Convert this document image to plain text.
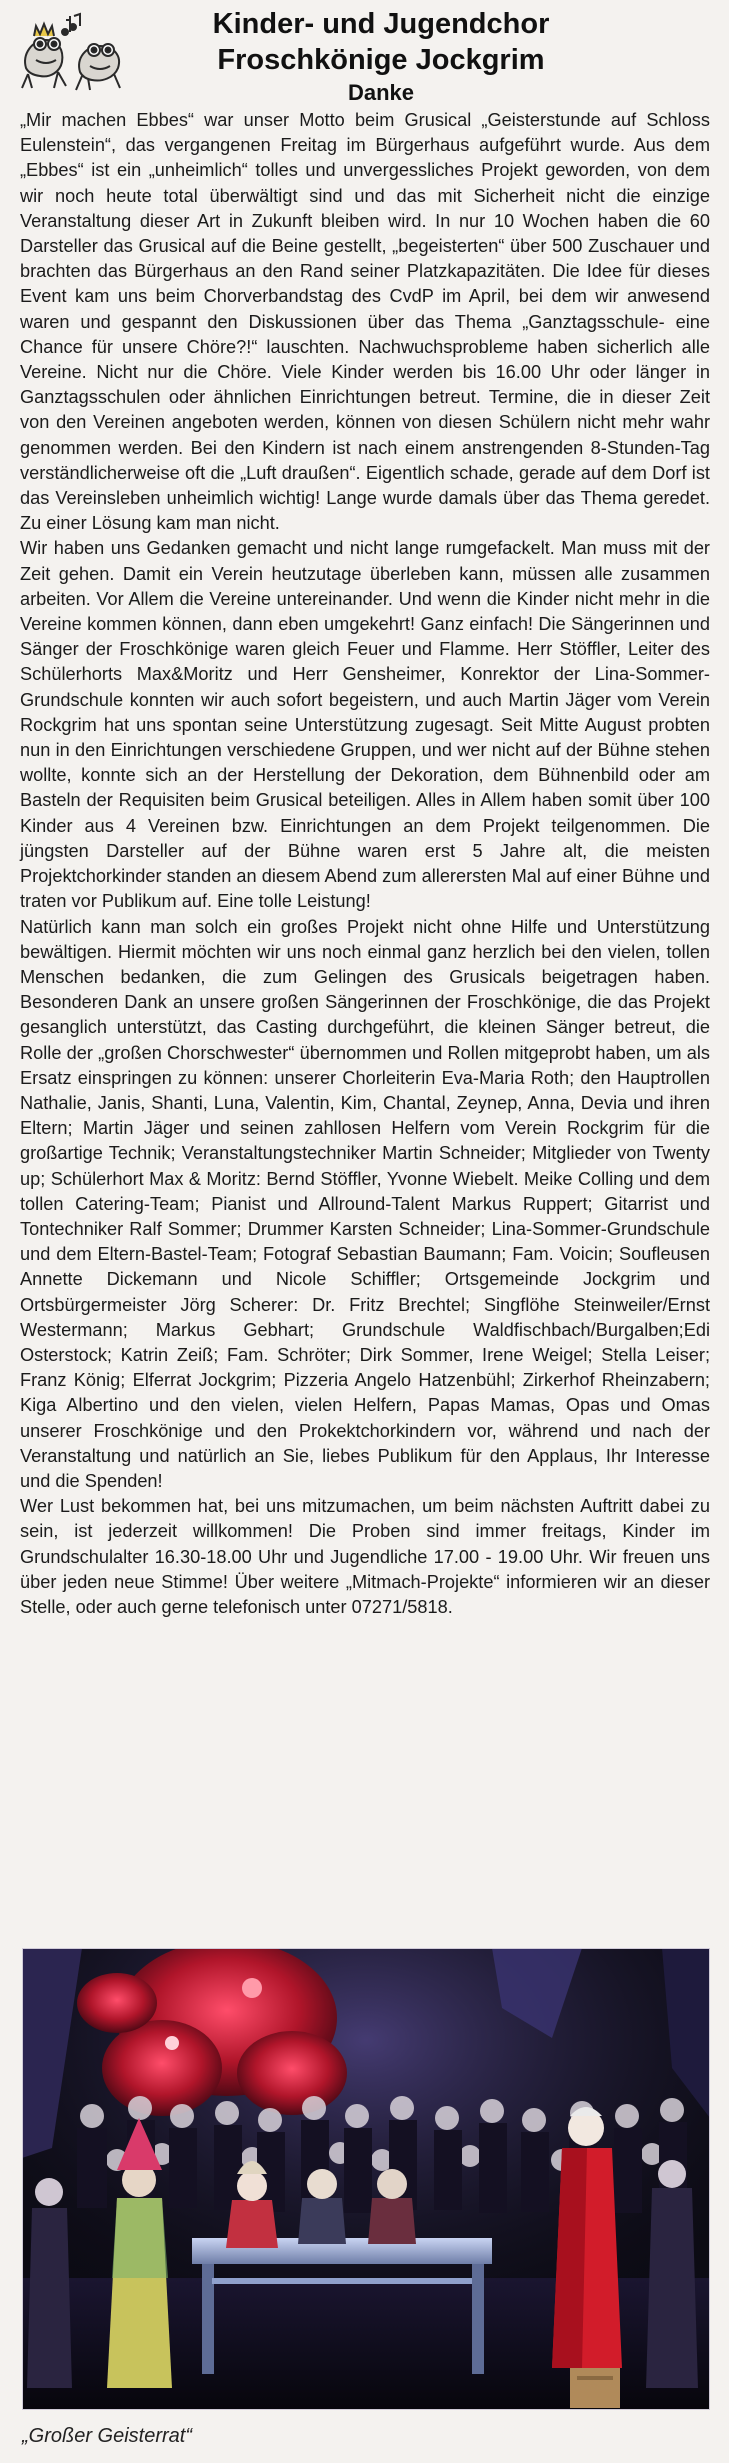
Kinder- und Jugendchor
Froschkönige Jockgrim
Danke

„Mir machen Ebbes“ war unser Motto beim Grusical „Geisterstunde auf Schloss Eulenstein“, das vergangenen Freitag im Bürgerhaus aufgeführt wurde. Aus dem „Ebbes“ ist ein „unheimlich“ tolles und unvergessliches Projekt geworden, von dem wir noch heute total überwältigt sind und das mit Sicherheit nicht die einzige Veranstaltung dieser Art in Zukunft bleiben wird. In nur 10 Wochen haben die 60 Darsteller das Grusical auf die Beine gestellt, „begeisterten“ über 500 Zuschauer und brachten das Bürgerhaus an den Rand seiner Platzkapazitäten. Die Idee für dieses Event kam uns beim Chorverbandstag des CvdP im April, bei dem wir anwesend waren und gespannt den Diskussionen über das Thema „Ganztagsschule- eine Chance für unsere Chöre?!“ lauschten. Nachwuchsprobleme haben sicherlich alle Vereine. Nicht nur die Chöre. Viele Kinder werden bis 16.00 Uhr oder länger in Ganztagsschulen oder ähnlichen Einrichtungen betreut. Termine, die in dieser Zeit von den Vereinen angeboten werden, können von diesen Schülern nicht mehr wahr genommen werden. Bei den Kindern ist nach einem anstrengenden 8-Stunden-Tag verständlicherweise oft die „Luft draußen“. Eigentlich schade, gerade auf dem Dorf ist das Vereinsleben unheimlich wichtig! Lange wurde damals über das Thema geredet. Zu einer Lösung kam man nicht.

Wir haben uns Gedanken gemacht und nicht lange rumgefackelt. Man muss mit der Zeit gehen. Damit ein Verein heutzutage überleben kann, müssen alle zusammen arbeiten. Vor Allem die Vereine untereinander. Und wenn die Kinder nicht mehr in die Vereine kommen können, dann eben umgekehrt! Ganz einfach! Die Sängerinnen und Sänger der Froschkönige waren gleich Feuer und Flamme. Herr Stöffler, Leiter des Schülerhorts Max&Moritz und Herr Gensheimer, Konrektor der Lina-Sommer-Grundschule konnten wir auch sofort begeistern, und auch Martin Jäger vom Verein Rockgrim hat uns spontan seine Unterstützung zugesagt. Seit Mitte August probten nun in den Einrichtungen verschiedene Gruppen, und wer nicht auf der Bühne stehen wollte, konnte sich an der Herstellung der Dekoration, dem Bühnenbild oder am Basteln der Requisiten beim Grusical beteiligen. Alles in Allem haben somit über 100 Kinder aus 4 Vereinen bzw. Einrichtungen an dem Projekt teilgenommen. Die jüngsten Darsteller auf der Bühne waren erst 5 Jahre alt, die meisten Projektchorkinder standen an diesem Abend zum allerersten Mal auf einer Bühne und traten vor Publikum auf. Eine tolle Leistung!

Natürlich kann man solch ein großes Projekt nicht ohne Hilfe und Unterstützung bewältigen. Hiermit möchten wir uns noch einmal ganz herzlich bei den vielen, tollen Menschen bedanken, die zum Gelingen des Grusicals beigetragen haben. Besonderen Dank an unsere großen Sängerinnen der Froschkönige, die das Projekt gesanglich unterstützt, das Casting durchgeführt, die kleinen Sänger betreut, die Rolle der „großen Chorschwester“ übernommen und Rollen mitgeprobt haben, um als Ersatz einspringen zu können: unserer Chorleiterin Eva-Maria Roth; den Hauptrollen Nathalie, Janis, Shanti, Luna, Valentin, Kim, Chantal, Zeynep, Anna, Devia und ihren Eltern; Martin Jäger und seinen zahllosen Helfern vom Verein Rockgrim für die großartige Technik; Veranstaltungstechniker Martin Schneider; Mitglieder von Twenty up; Schülerhort Max & Moritz: Bernd Stöffler, Yvonne Wiebelt. Meike Colling und dem tollen Catering-Team; Pianist und Allround-Talent Markus Ruppert; Gitarrist und Tontechniker Ralf Sommer; Drummer Karsten Schneider; Lina-Sommer-Grundschule und dem Eltern-Bastel-Team; Fotograf Sebastian Baumann; Fam. Voicin; Soufleusen Annette Dickemann und Nicole Schiffler; Ortsgemeinde Jockgrim und Ortsbürgermeister Jörg Scherer: Dr. Fritz Brechtel; Singflöhe Steinweiler/Ernst Westermann; Markus Gebhart; Grundschule Waldfischbach/Burgalben;Edi Osterstock; Katrin Zeiß; Fam. Schröter; Dirk Sommer, Irene Weigel; Stella Leiser; Franz König; Elferrat Jockgrim; Pizzeria Angelo Hatzenbühl; Zirkerhof Rheinzabern; Kiga Albertino und den vielen, vielen Helfern, Papas Mamas, Opas und Omas unserer Froschkönige und den Prokektchorkindern vor, während und nach der Veranstaltung und natürlich an Sie, liebes Publikum für den Applaus, Ihr Interesse und die Spenden!

Wer Lust bekommen hat, bei uns mitzumachen, um beim nächsten Auftritt dabei zu sein, ist jederzeit willkommen! Die Proben sind immer freitags, Kinder im Grundschulalter 16.30-18.00 Uhr und Jugendliche 17.00 - 19.00 Uhr. Wir freuen uns über jeden neue Stimme! Über weitere „Mitmach-Projekte“ informieren wir an dieser Stelle, oder auch gerne telefonisch unter 07271/5818.

„Großer Geisterrat“
